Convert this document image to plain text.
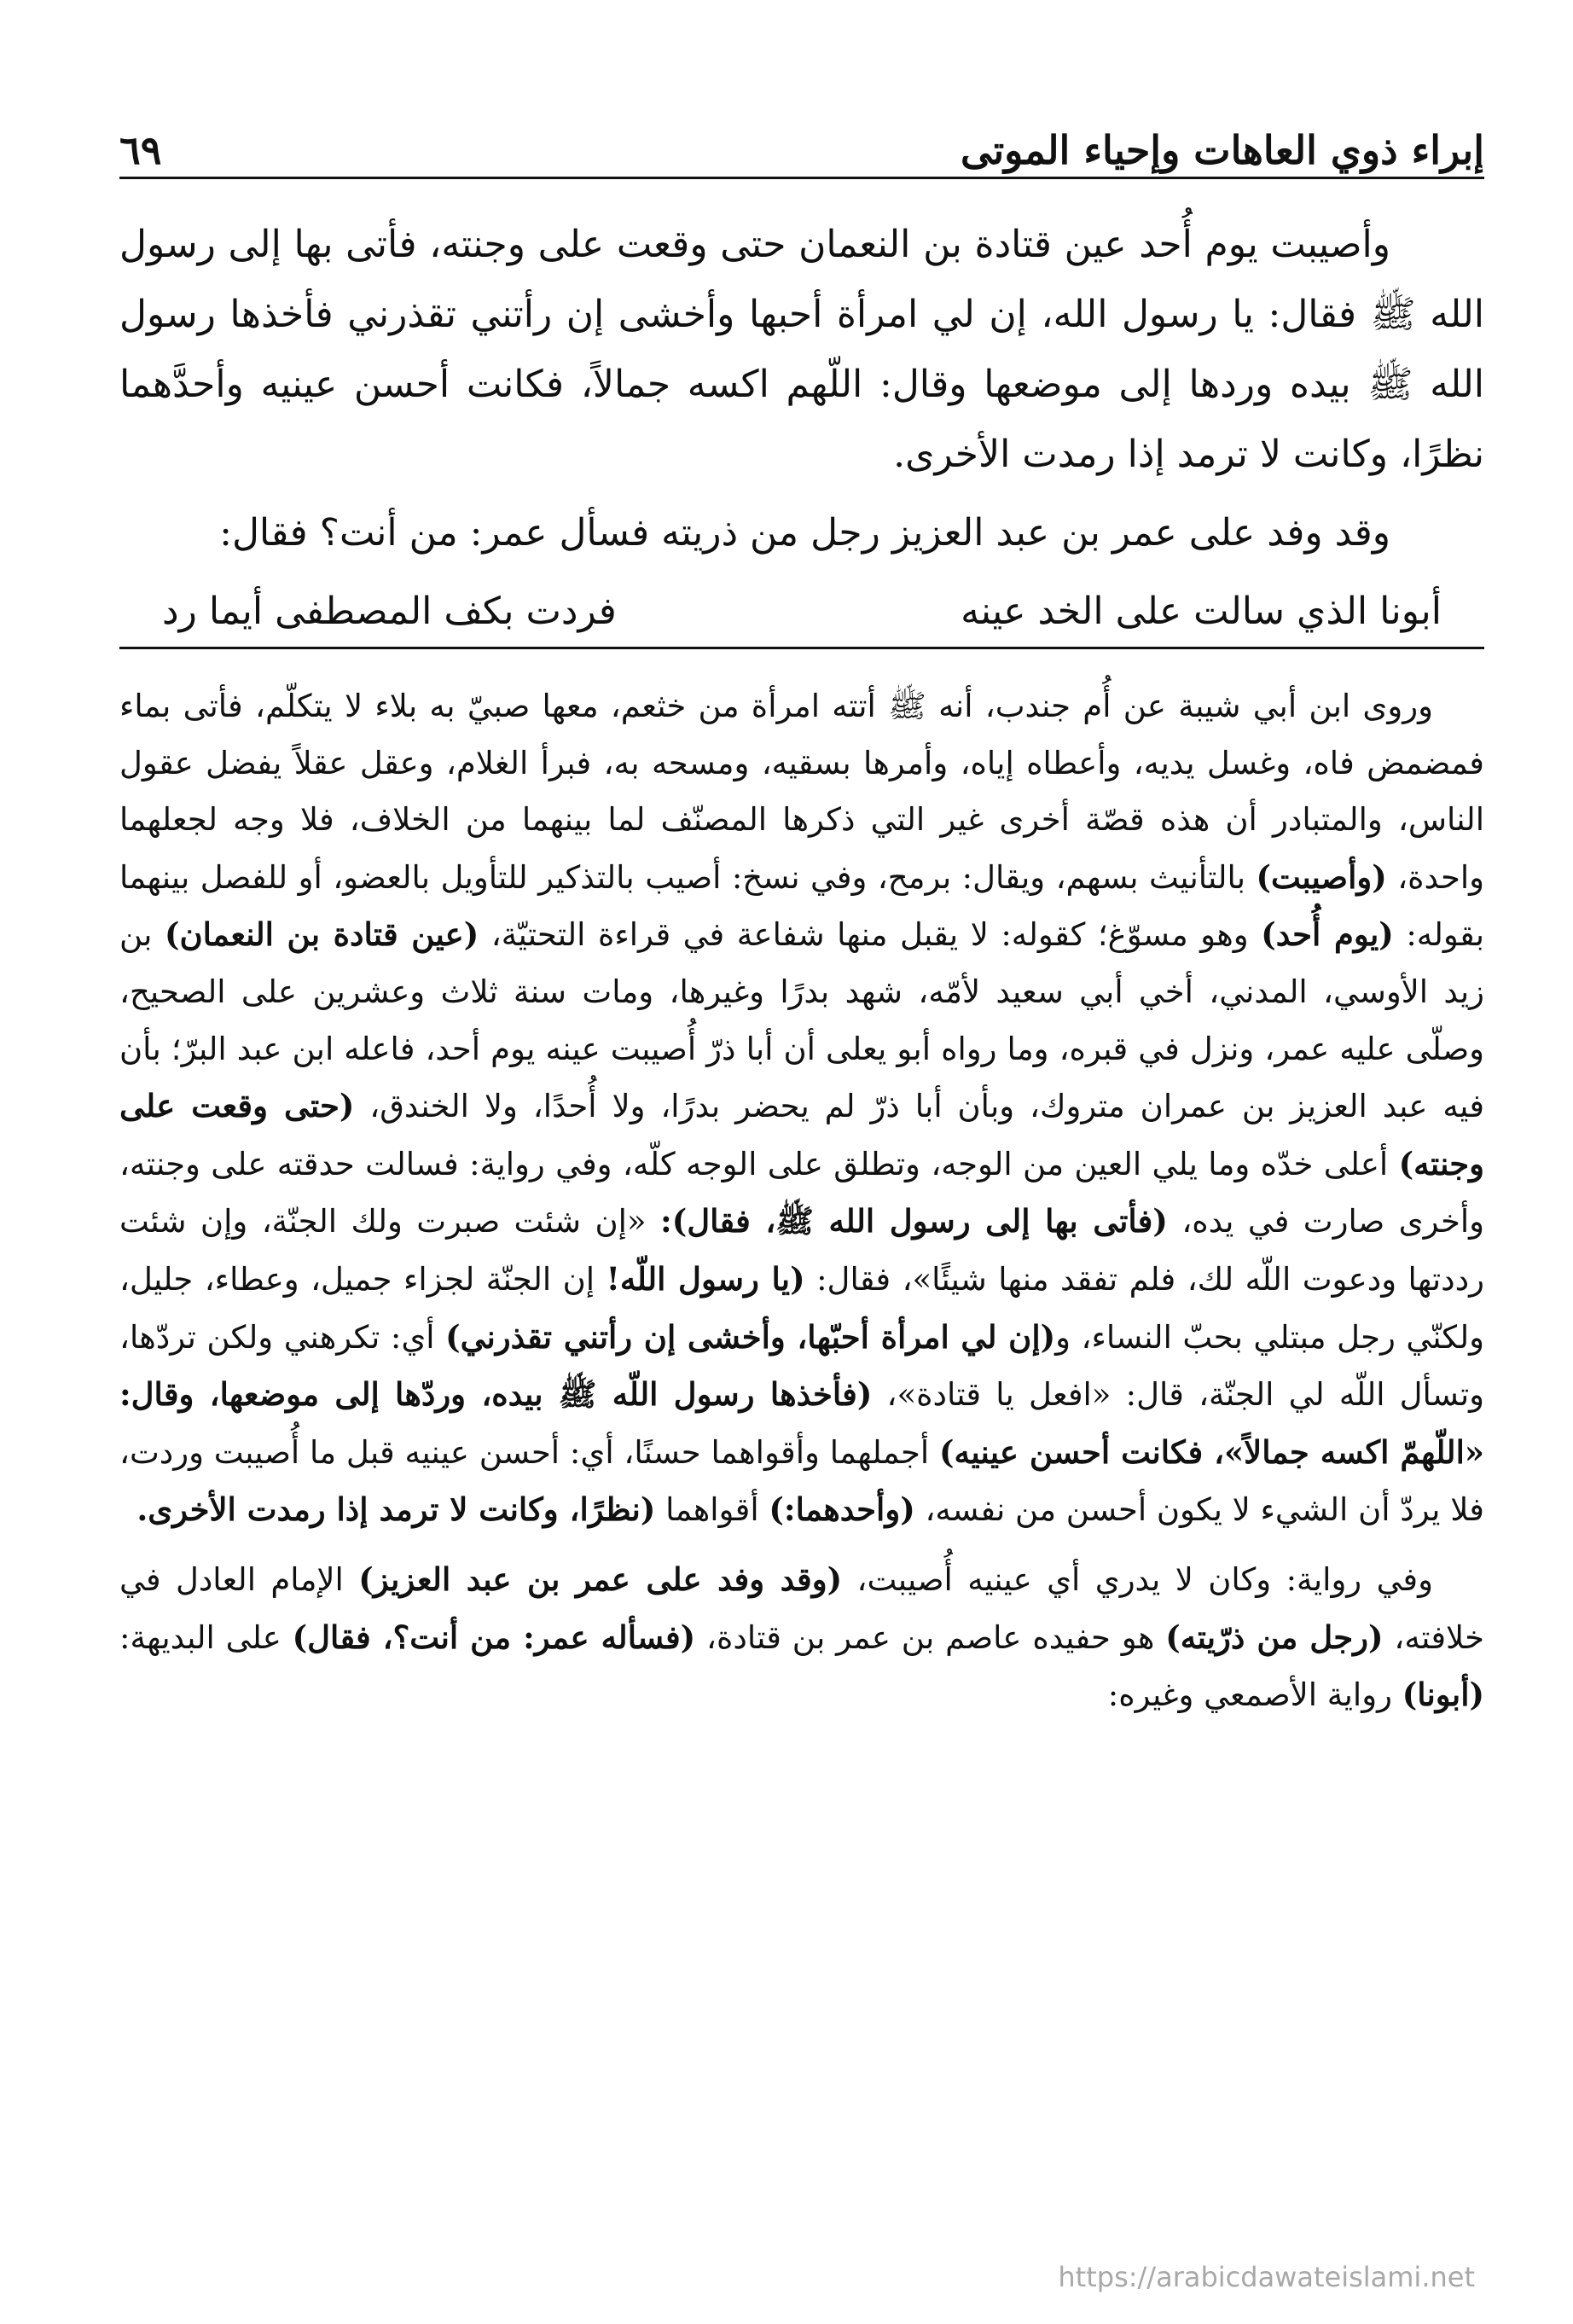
إبراء ذوي العاهات وإحياء الموتى
٦٩

وأصيبت يوم أُحد عين قتادة بن النعمان حتى وقعت على وجنته، فأتى بها إلى رسول الله ﷺ فقال: يا رسول الله، إن لي امرأة أحبها وأخشى إن رأتني تقذرني فأخذها رسول الله ﷺ بيده وردها إلى موضعها وقال: اللّهم اكسه جمالاً، فكانت أحسن عينيه وأحدَّهما نظرًا، وكانت لا ترمد إذا رمدت الأخرى.

وقد وفد على عمر بن عبد العزيز رجل من ذريته فسأل عمر: من أنت؟ فقال:

أبونا الذي سالت على الخد عينه
فردت بكف المصطفى أيما رد

وروى ابن أبي شيبة عن أُم جندب، أنه ﷺ أتته امرأة من خثعم، معها صبيّ به بلاء لا يتكلّم، فأتى بماء فمضمض فاه، وغسل يديه، وأعطاه إياه، وأمرها بسقيه، ومسحه به، فبرأ الغلام، وعقل عقلاً يفضل عقول الناس، والمتبادر أن هذه قصّة أخرى غير التي ذكرها المصنّف لما بينهما من الخلاف، فلا وجه لجعلهما واحدة، (وأصيبت) بالتأنيث بسهم، ويقال: برمح، وفي نسخ: أصيب بالتذكير للتأويل بالعضو، أو للفصل بينهما بقوله: (يوم أُحد) وهو مسوّغ؛ كقوله: لا يقبل منها شفاعة في قراءة التحتيّة، (عين قتادة بن النعمان) بن زيد الأوسي، المدني، أخي أبي سعيد لأمّه، شهد بدرًا وغيرها، ومات سنة ثلاث وعشرين على الصحيح، وصلّى عليه عمر، ونزل في قبره، وما رواه أبو يعلى أن أبا ذرّ أُصيبت عينه يوم أحد، فاعله ابن عبد البرّ؛ بأن فيه عبد العزيز بن عمران متروك، وبأن أبا ذرّ لم يحضر بدرًا، ولا أُحدًا، ولا الخندق، (حتى وقعت على وجنته) أعلى خدّه وما يلي العين من الوجه، وتطلق على الوجه كلّه، وفي رواية: فسالت حدقته على وجنته، وأخرى صارت في يده، (فأتى بها إلى رسول الله ﷺ، فقال): «إن شئت صبرت ولك الجنّة، وإن شئت رددتها ودعوت اللّه لك، فلم تفقد منها شيئًا»، فقال: (يا رسول اللّه! إن الجنّة لجزاء جميل، وعطاء، جليل، ولكنّي رجل مبتلي بحبّ النساء، و(إن لي امرأة أحبّها، وأخشى إن رأتني تقذرني) أي: تكرهني ولكن تردّها، وتسأل اللّه لي الجنّة، قال: «افعل يا قتادة»، (فأخذها رسول اللّه ﷺ بيده، وردّها إلى موضعها، وقال: «اللّهمّ اكسه جمالاً»، فكانت أحسن عينيه) أجملهما وأقواهما حسنًا، أي: أحسن عينيه قبل ما أُصيبت وردت، فلا يردّ أن الشيء لا يكون أحسن من نفسه، (وأحدهما:) أقواهما (نظرًا، وكانت لا ترمد إذا رمدت الأخرى.

وفي رواية: وكان لا يدري أي عينيه أُصيبت، (وقد وفد على عمر بن عبد العزيز) الإمام العادل في خلافته، (رجل من ذرّيته) هو حفيده عاصم بن عمر بن قتادة، (فسأله عمر: من أنت؟، فقال) على البديهة: (أبونا) رواية الأصمعي وغيره:

https://arabicdawateislami.net
